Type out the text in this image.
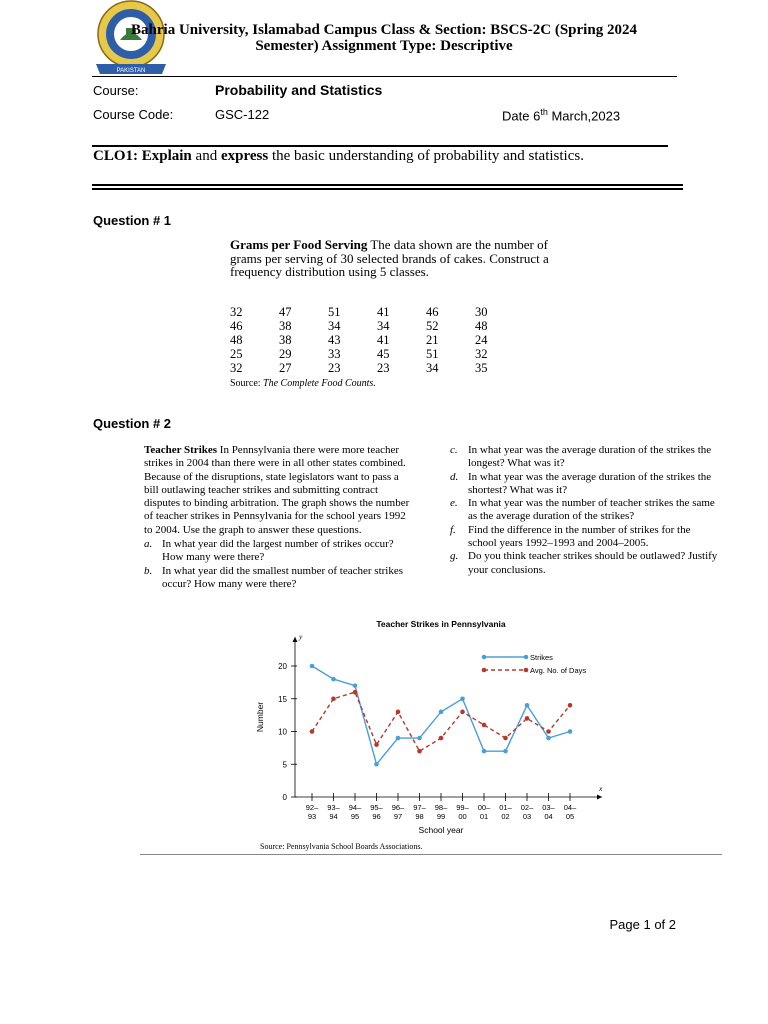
PAKISTAN
Bahria University, Islamabad Campus Class & Section: BSCS-2C (Spring 2024
Semester) Assignment Type: Descriptive
Course:	Probability and Statistics
Course Code:	GSC-122	Date 6th March,2023
CLO1: Explain and express the basic understanding of probability and statistics.
Question # 1
Grams per Food Serving The data shown are the number of grams per serving of 30 selected brands of cakes. Construct a frequency distribution using 5 classes.
32	47	51	41	46	30
46	38	34	34	52	48
48	38	43	41	21	24
25	29	33	45	51	32
32	27	23	23	34	35
Source: The Complete Food Counts.
Question # 2

Teacher Strikes In Pennsylvania there were more teacher strikes in 2004 than there were in all other states combined. Because of the disruptions, state legislators want to pass a bill outlawing teacher strikes and submitting contract disputes to binding arbitration. The graph shows the number of teacher strikes in Pennsylvania for the school years 1992 to 2004. Use the graph to answer these questions.

a. In what year did the largest number of strikes occur? How many were there?
b. In what year did the smallest number of teacher strikes occur? How many were there?
c. In what year was the average duration of the strikes the longest? What was it?
d. In what year was the average duration of the strikes the shortest? What was it?
e. In what year was the number of teacher strikes the same as the average duration of the strikes?
f.	Find the difference in the number of strikes for the school years 1992–1993 and 2004–2005.
g. Do you think teacher strikes should be outlawed? Justify your conclusions.
Teacher Strikes in Pennsylvania
y
x
0
5
10
15
20
92–
93
93–
94
94–
95
95–
96
96–
97
97–
98
98–
99
99–
00
00–
01
01–
02
02–
03
03–
04
04–
05
Strikes
Avg. No. of Days
School year
Number
Source: Pennsylvania School Boards Associations.
Page 1 of 2
